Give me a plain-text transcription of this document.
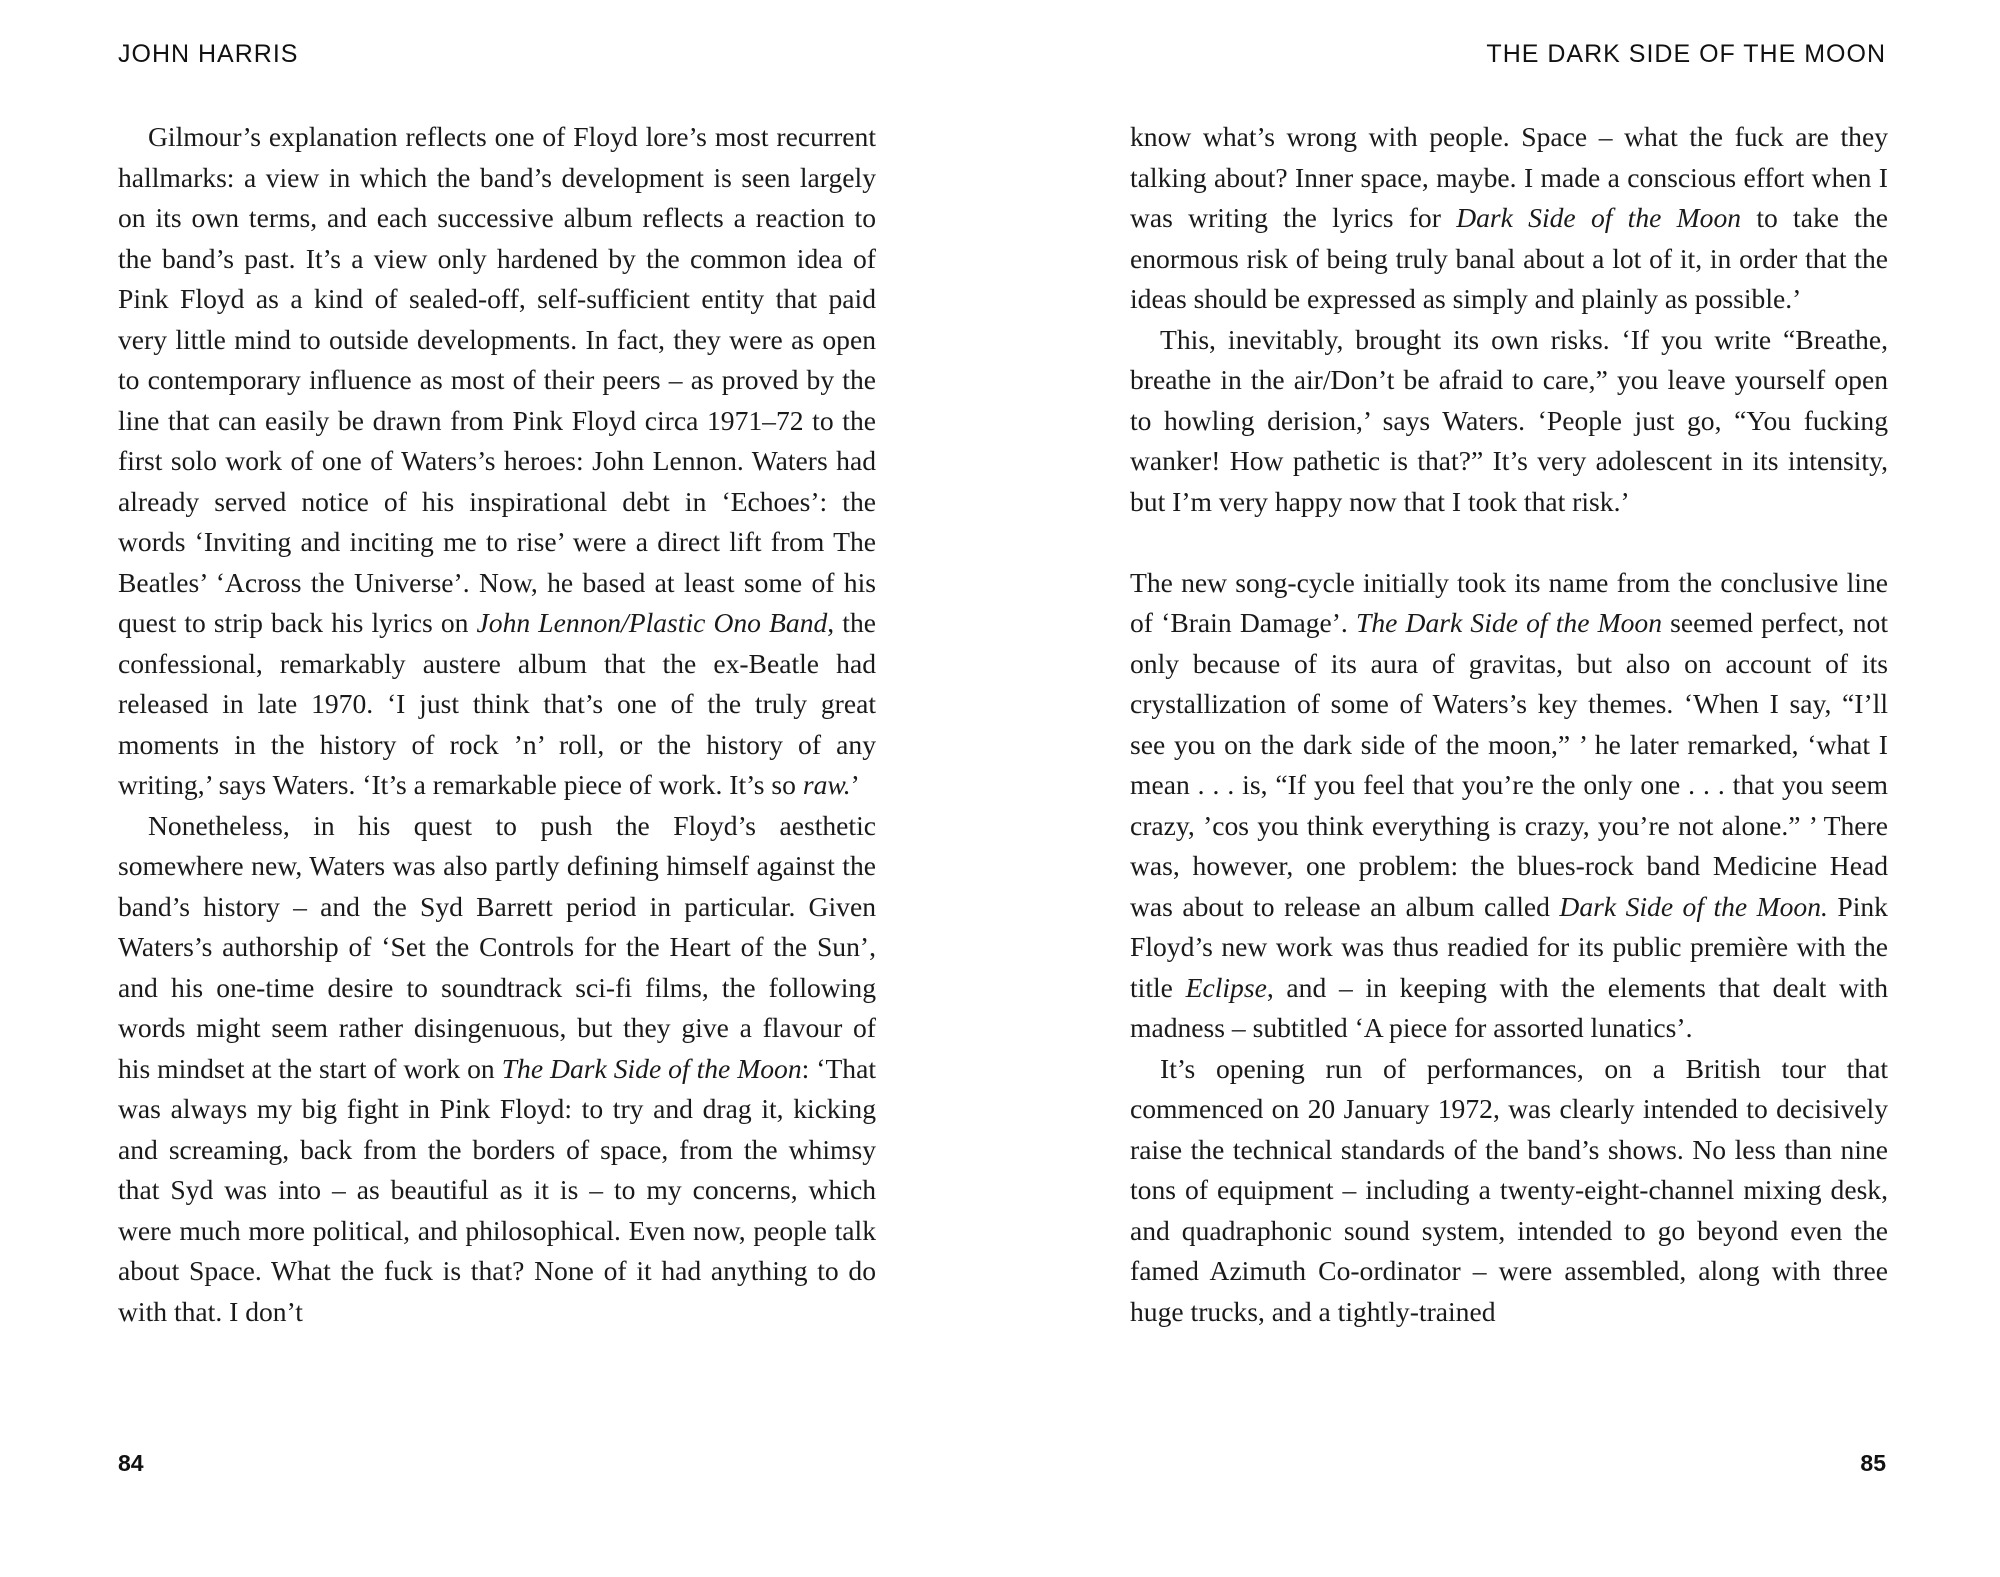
JOHN HARRIS

Gilmour’s explanation reflects one of Floyd lore’s most recurrent hallmarks: a view in which the band’s development is seen largely on its own terms, and each successive album reflects a reaction to the band’s past. It’s a view only hardened by the common idea of Pink Floyd as a kind of sealed-off, self-sufficient entity that paid very little mind to outside developments. In fact, they were as open to contemporary influence as most of their peers – as proved by the line that can easily be drawn from Pink Floyd circa 1971–72 to the first solo work of one of Waters’s heroes: John Lennon. Waters had already served notice of his inspirational debt in ‘Echoes’: the words ‘Inviting and inciting me to rise’ were a direct lift from The Beatles’ ‘Across the Universe’. Now, he based at least some of his quest to strip back his lyrics on John Lennon/Plastic Ono Band, the confessional, remarkably austere album that the ex-Beatle had released in late 1970. ‘I just think that’s one of the truly great moments in the history of rock ’n’ roll, or the history of any writing,’ says Waters. ‘It’s a remarkable piece of work. It’s so raw.’

Nonetheless, in his quest to push the Floyd’s aesthetic somewhere new, Waters was also partly defining himself against the band’s history – and the Syd Barrett period in particular. Given Waters’s authorship of ‘Set the Controls for the Heart of the Sun’, and his one-time desire to soundtrack sci-fi films, the following words might seem rather disingenuous, but they give a flavour of his mindset at the start of work on The Dark Side of the Moon: ‘That was always my big fight in Pink Floyd: to try and drag it, kicking and screaming, back from the borders of space, from the whimsy that Syd was into – as beautiful as it is – to my concerns, which were much more political, and philosophical. Even now, people talk about Space. What the fuck is that? None of it had anything to do with that. I don’t

84
THE DARK SIDE OF THE MOON

know what’s wrong with people. Space – what the fuck are they talking about? Inner space, maybe. I made a conscious effort when I was writing the lyrics for Dark Side of the Moon to take the enormous risk of being truly banal about a lot of it, in order that the ideas should be expressed as simply and plainly as possible.’

This, inevitably, brought its own risks. ‘If you write “Breathe, breathe in the air/Don’t be afraid to care,” you leave yourself open to howling derision,’ says Waters. ‘People just go, “You fucking wanker! How pathetic is that?” It’s very adolescent in its intensity, but I’m very happy now that I took that risk.’

The new song-cycle initially took its name from the conclusive line of ‘Brain Damage’. The Dark Side of the Moon seemed perfect, not only because of its aura of gravitas, but also on account of its crystallization of some of Waters’s key themes. ‘When I say, “I’ll see you on the dark side of the moon,” ’ he later remarked, ‘what I mean . . . is, “If you feel that you’re the only one . . . that you seem crazy, ’cos you think everything is crazy, you’re not alone.” ’ There was, however, one problem: the blues-rock band Medicine Head was about to release an album called Dark Side of the Moon. Pink Floyd’s new work was thus readied for its public première with the title Eclipse, and – in keeping with the elements that dealt with madness – subtitled ‘A piece for assorted lunatics’.

It’s opening run of performances, on a British tour that commenced on 20 January 1972, was clearly intended to decisively raise the technical standards of the band’s shows. No less than nine tons of equipment – including a twenty-eight-channel mixing desk, and quadraphonic sound system, intended to go beyond even the famed Azimuth Co-ordinator – were assembled, along with three huge trucks, and a tightly-trained

85
